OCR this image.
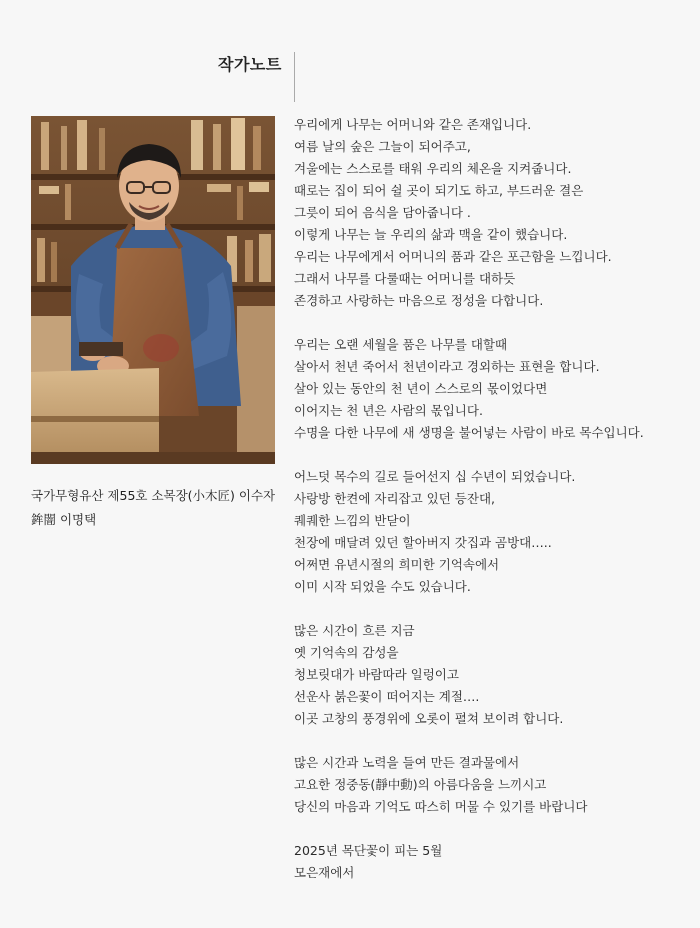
작가노트
국가무형유산 제55호 소목장(小木匠) 이수자
鉾闇 이명택
우리에게 나무는 어머니와 같은 존재입니다.
여름 날의 숲은 그늘이 되어주고,
겨울에는 스스로를 태워 우리의 체온을 지켜줍니다.
때로는 집이 되어 쉴 곳이 되기도 하고, 부드러운 결은
그릇이 되어 음식을 담아줍니다 .
이렇게 나무는 늘 우리의 삶과 맥을 같이 했습니다.
우리는 나무에게서 어머니의 품과 같은 포근함을 느낍니다.
그래서 나무를 다룰때는 어머니를 대하듯
존경하고 사랑하는 마음으로 정성을 다합니다.
우리는 오랜 세월을 품은 나무를 대할때
살아서 천년 죽어서 천년이라고 경외하는 표현을 합니다.
살아 있는 동안의 천 년이 스스로의 몫이었다면
이어지는 천 년은 사람의 몫입니다.
수명을 다한 나무에 새 생명을 불어넣는 사람이 바로 목수입니다.
어느덧 목수의 길로 들어선지 십 수년이 되었습니다.
사랑방 한켠에 자리잡고 있던 등잔대,
퀘퀘한 느낌의 반닫이
천장에 매달려 있던 할아버지 갓집과 곰방대…..
어쩌면 유년시절의 희미한 기억속에서
이미 시작 되었을 수도 있습니다.
많은 시간이 흐른 지금
옛 기억속의 감성을
청보릿대가 바람따라 일렁이고
선운사 붉은꽃이 떠어지는 계절….
이곳 고창의 풍경위에 오롯이 펼쳐 보이려 합니다.
많은 시간과 노력을 들여 만든 결과물에서
고요한 정중동(靜中動)의 아름다움을 느끼시고
당신의 마음과 기억도 따스히 머물 수 있기를 바랍니다
2025년 목단꽃이 피는 5월
모은재에서
